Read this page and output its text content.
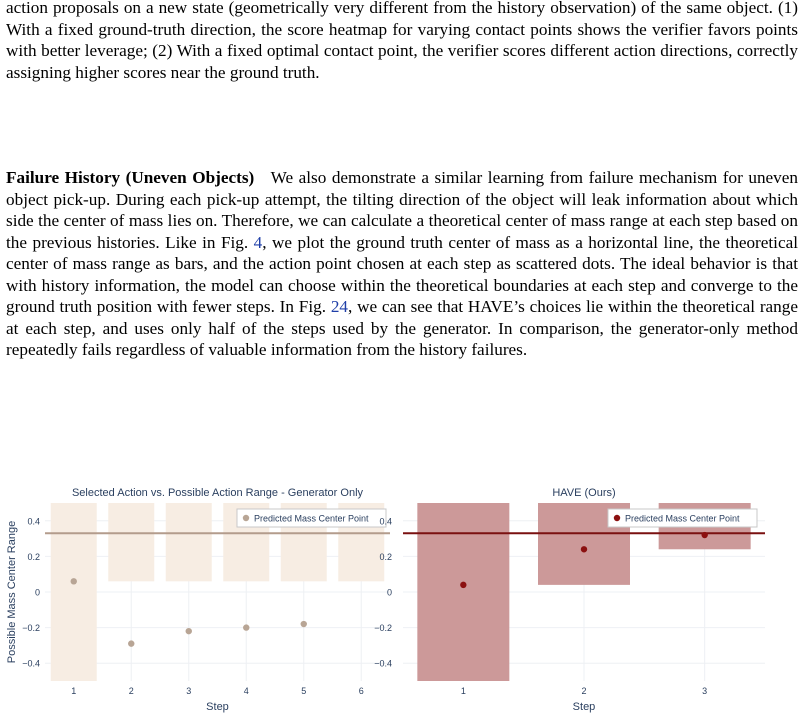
action proposals on a new state (geometrically very different from the history observation) of the same object. (1) With a fixed ground-truth direction, the score heatmap for varying contact points shows the verifier favors points with better leverage; (2) With a fixed optimal contact point, the verifier scores different action directions, correctly assigning higher scores near the ground truth.
Failure History (Uneven Objects) We also demonstrate a similar learning from failure mechanism for uneven object pick-up. During each pick-up attempt, the tilting direction of the object will leak information about which side the center of mass lies on. Therefore, we can calculate a theoretical center of mass range at each step based on the previous histories. Like in Fig. 4, we plot the ground truth center of mass as a horizontal line, the theoretical center of mass range as bars, and the action point chosen at each step as scattered dots. The ideal behavior is that with history information, the model can choose within the theoretical boundaries at each step and converge to the ground truth position with fewer steps. In Fig. 24, we can see that HAVE’s choices lie within the theoretical range at each step, and uses only half of the steps used by the generator. In comparison, the generator-only method repeatedly fails regardless of valuable information from the history failures.
Selected Action vs. Possible Action Range - Generator Only
0.4
0.2
0
−0.2
−0.4
1	2	3	4	5	6
Step
Possible Mass Center Range
Predicted Mass Center Point
HAVE (Ours)
0.4
0.2
0
−0.2
−0.4
1	2	3
Step
Predicted Mass Center Point
